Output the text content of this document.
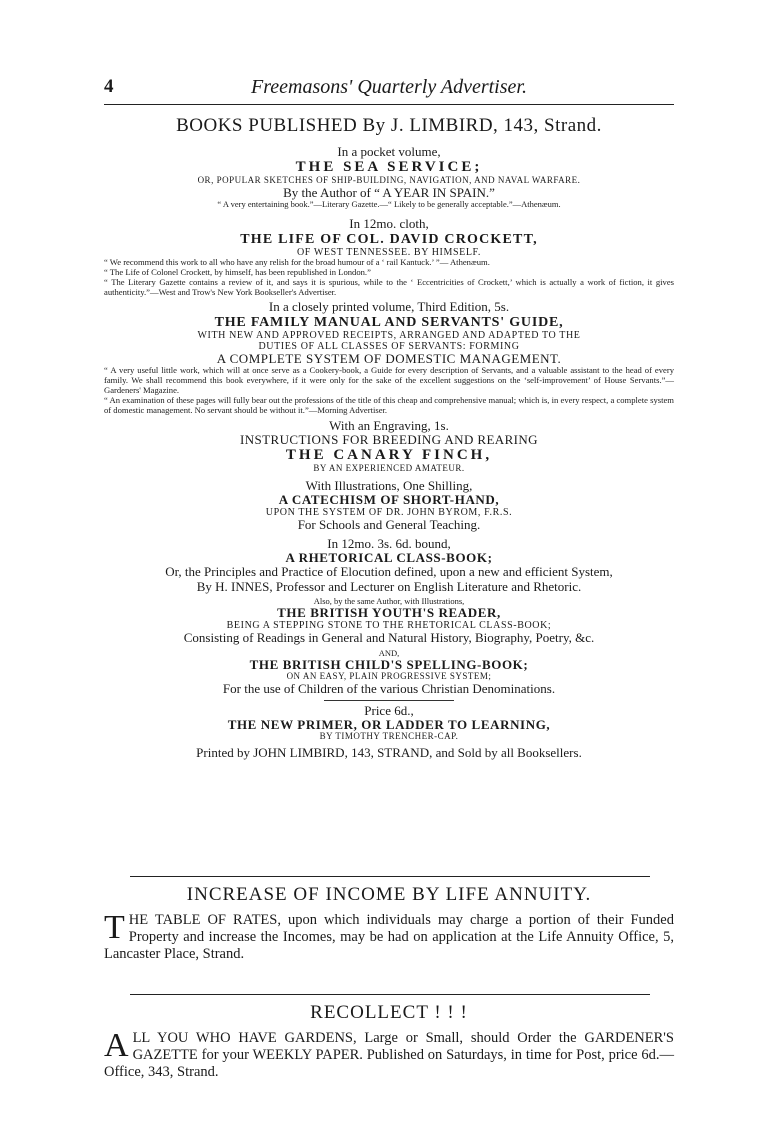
4	Freemasons' Quarterly Advertiser.

BOOKS PUBLISHED By J. LIMBIRD, 143, Strand.

In a pocket volume,

THE SEA SERVICE;

OR, POPULAR SKETCHES OF SHIP-BUILDING, NAVIGATION, AND NAVAL WARFARE.

By the Author of “ A YEAR IN SPAIN.”

“ A very entertaining book.”—Literary Gazette.—“ Likely to be generally acceptable.”—Athenæum.

In 12mo. cloth,

THE LIFE OF COL. DAVID CROCKETT,

OF WEST TENNESSEE. BY HIMSELF.

“ We recommend this work to all who have any relish for the broad humour of a ‘ rail Kantuck.’ ”— Athenæum.

“ The Life of Colonel Crockett, by himself, has been republished in London.”

“ The Literary Gazette contains a review of it, and says it is spurious, while to the ‘ Eccentricities of Crockett,’ which is actually a work of fiction, it gives authenticity.”—West and Trow's New York Bookseller's Advertiser.

In a closely printed volume, Third Edition, 5s.

THE FAMILY MANUAL AND SERVANTS' GUIDE,

WITH NEW AND APPROVED RECEIPTS, ARRANGED AND ADAPTED TO THE

DUTIES OF ALL CLASSES OF SERVANTS: FORMING

A COMPLETE SYSTEM OF DOMESTIC MANAGEMENT.

“ A very useful little work, which will at once serve as a Cookery-book, a Guide for every description of Servants, and a valuable assistant to the head of every family. We shall recommend this book everywhere, if it were only for the sake of the excellent suggestions on the ‘self-improvement’ of House Servants.”—Gardeners' Magazine.

“ An examination of these pages will fully bear out the professions of the title of this cheap and comprehensive manual; which is, in every respect, a complete system of domestic management. No servant should be without it.”—Morning Advertiser.

With an Engraving, 1s.

INSTRUCTIONS FOR BREEDING AND REARING

THE CANARY FINCH,

BY AN EXPERIENCED AMATEUR.

With Illustrations, One Shilling,

A CATECHISM OF SHORT-HAND,

UPON THE SYSTEM OF DR. JOHN BYROM, F.R.S.

For Schools and General Teaching.

In 12mo. 3s. 6d. bound,

A RHETORICAL CLASS-BOOK;

Or, the Principles and Practice of Elocution defined, upon a new and efficient System,

By H. INNES, Professor and Lecturer on English Literature and Rhetoric.

Also, by the same Author, with Illustrations,

THE BRITISH YOUTH'S READER,

BEING A STEPPING STONE TO THE RHETORICAL CLASS-BOOK;

Consisting of Readings in General and Natural History, Biography, Poetry, &c.

AND,

THE BRITISH CHILD'S SPELLING-BOOK;

ON AN EASY, PLAIN PROGRESSIVE SYSTEM;

For the use of Children of the various Christian Denominations.

Price 6d.,

THE NEW PRIMER, OR LADDER TO LEARNING,

BY TIMOTHY TRENCHER-CAP.

Printed by JOHN LIMBIRD, 143, STRAND, and Sold by all Booksellers.

INCREASE OF INCOME BY LIFE ANNUITY.

THE TABLE OF RATES, upon which individuals may charge a portion of their Funded Property and increase the Incomes, may be had on application at the Life Annuity Office, 5, Lancaster Place, Strand.

RECOLLECT ! ! !

ALL YOU WHO HAVE GARDENS, Large or Small, should Order the GARDENER'S GAZETTE for your WEEKLY PAPER. Published on Saturdays, in time for Post, price 6d.—Office, 343, Strand.
